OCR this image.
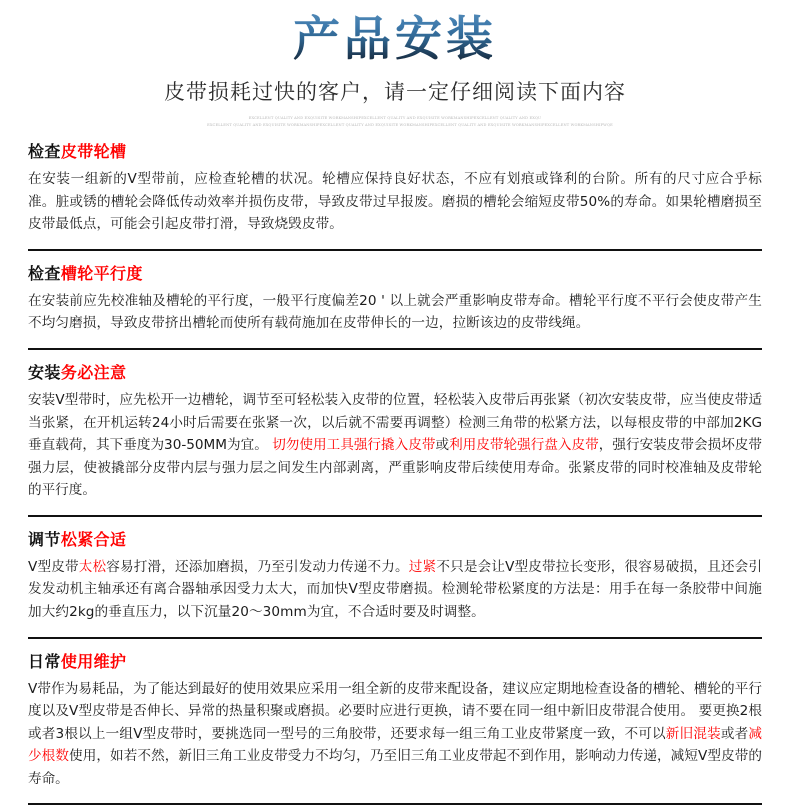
产品安装

皮带损耗过快的客户，请一定仔细阅读下面内容

EXCELLENT QUALITY AND EXQUISITE WORKMANSHIPEXCELLENT QUALITY AND EXQUISITE WORKMANSHIPEXCELLENT QUALITY AND EXQU
EXCELLENT QUALITY AND EXQUISITE WORKMANSHIPEXCELLENT QUALITY AND EXQUISITE WORKMANSHIPEXCELLENT QUALITY AND EXQUISITE WORKMANSHIPEXCELLENT WORKMANSHIPWQE
检查皮带轮槽

在安装一组新的V型带前，应检查轮槽的状况。轮槽应保持良好状态，不应有划痕或锋利的台阶。所有的尺寸应合乎标准。脏或锈的槽轮会降低传动效率并损伤皮带，导致皮带过早报废。磨损的槽轮会缩短皮带50%的寿命。如果轮槽磨损至皮带最低点，可能会引起皮带打滑，导致烧毁皮带。

检查槽轮平行度

在安装前应先校准轴及槽轮的平行度，一般平行度偏差20 ' 以上就会严重影响皮带寿命。槽轮平行度不平行会使皮带产生不均匀磨损，导致皮带挤出槽轮而使所有载荷施加在皮带伸长的一边，拉断该边的皮带线绳。

安装务必注意

安装V型带时，应先松开一边槽轮，调节至可轻松装入皮带的位置，轻松装入皮带后再张紧（初次安装皮带，应当使皮带适当张紧，在开机运转24小时后需要在张紧一次，以后就不需要再调整）检测三角带的松紧方法，以每根皮带的中部加2KG垂直载荷，其下垂度为30-50MM为宜。 切勿使用工具强行撬入皮带或利用皮带轮强行盘入皮带，强行安装皮带会损坏皮带强力层，使被撬部分皮带内层与强力层之间发生内部剥离，严重影响皮带后续使用寿命。张紧皮带的同时校准轴及皮带轮的平行度。

调节松紧合适

V型皮带太松容易打滑，还添加磨损，乃至引发动力传递不力。过紧不只是会让V型皮带拉长变形，很容易破损，且还会引发发动机主轴承还有离合器轴承因受力太大，而加快V型皮带磨损。检测轮带松紧度的方法是：用手在每一条胶带中间施加大约2kg的垂直压力，以下沉量20～30mm为宜，不合适时要及时调整。

日常使用维护

V带作为易耗品，为了能达到最好的使用效果应采用一组全新的皮带来配设备，建议应定期地检查设备的槽轮、槽轮的平行度以及V型皮带是否伸长、异常的热量积聚或磨损。必要时应进行更换，请不要在同一组中新旧皮带混合使用。 要更换2根或者3根以上一组V型皮带时，要挑选同一型号的三角胶带，还要求每一组三角工业皮带紧度一致，不可以新旧混装或者减少根数使用，如若不然，新旧三角工业皮带受力不均匀，乃至旧三角工业皮带起不到作用，影响动力传递，减短V型皮带的寿命。
